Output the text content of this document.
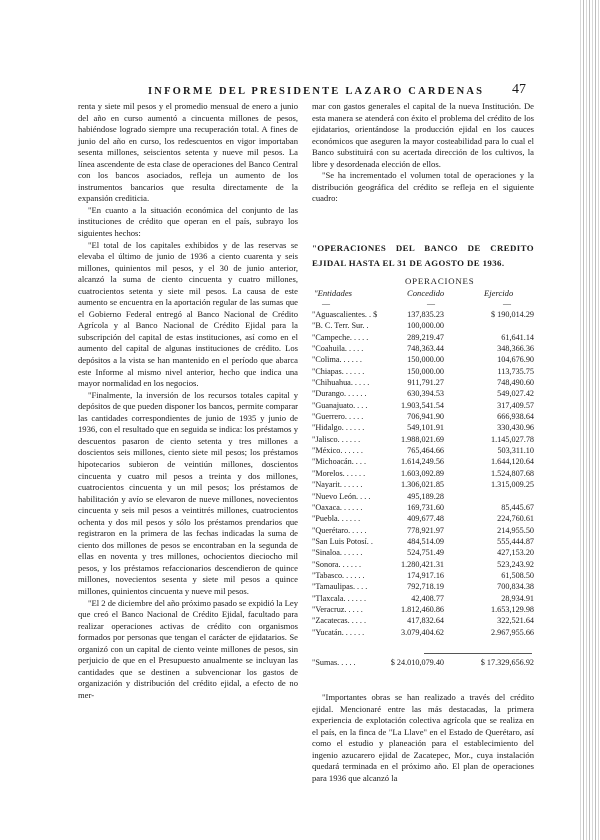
INFORME DEL PRESIDENTE LAZARO CARDENAS	47

renta y siete mil pesos y el promedio mensual de enero a junio del año en curso aumentó a cincuenta millones de pesos, habiéndose logrado siempre una recuperación total. A fines de junio del año en curso, los redescuentos en vigor importaban sesenta millones, seiscientos setenta y nueve mil pesos. La línea ascendente de esta clase de operaciones del Banco Central con los bancos asociados, refleja un aumento de los instrumentos bancarios que resulta directamente de la expansión crediticia.

"En cuanto a la situación económica del conjunto de las instituciones de crédito que operan en el país, subrayo los siguientes hechos:

"El total de los capitales exhibidos y de las reservas se elevaba el último de junio de 1936 a ciento cuarenta y seis millones, quinientos mil pesos, y el 30 de junio anterior, alcanzó la suma de ciento cincuenta y cuatro millones, cuatrocientos setenta y siete mil pesos. La causa de este aumento se encuentra en la aportación regular de las sumas que el Gobierno Federal entregó al Banco Nacional de Crédito Agrícola y al Banco Nacional de Crédito Ejidal para la subscripción del capital de estas instituciones, así como en el aumento del capital de algunas instituciones de crédito. Los depósitos a la vista se han mantenido en el período que abarca este Informe al mismo nivel anterior, hecho que indica una mayor normalidad en los negocios.

"Finalmente, la inversión de los recursos totales capital y depósitos de que pueden disponer los bancos, permite comparar las cantidades correspondientes de junio de 1935 y junio de 1936, con el resultado que en seguida se indica: los préstamos y descuentos pasaron de ciento setenta y tres millones a doscientos seis millones, ciento siete mil pesos; los préstamos hipotecarios subieron de veintiún millones, doscientos cincuenta y cuatro mil pesos a treinta y dos millones, cuatrocientos cincuenta y un mil pesos; los préstamos de habilitación y avío se elevaron de nueve millones, novecientos cincuenta y seis mil pesos a veintitrés millones, cuatrocientos ochenta y dos mil pesos y sólo los préstamos prendarios que registraron en la primera de las fechas indicadas la suma de ciento dos millones de pesos se encontraban en la segunda de ellas en noventa y tres millones, ochocientos dieciocho mil pesos, y los préstamos refaccionarios descendieron de quince millones, novecientos sesenta y siete mil pesos a quince millones, quinientos cincuenta y nueve mil pesos.

"El 2 de diciembre del año próximo pasado se expidió la Ley que creó el Banco Nacional de Crédito Ejidal, facultado para realizar operaciones activas de crédito con organismos formados por personas que tengan el carácter de ejidatarios. Se organizó con un capital de ciento veinte millones de pesos, sin perjuicio de que en el Presupuesto anualmente se incluyan las cantidades que se destinen a subvencionar los gastos de organización y distribución del crédito ejidal, a efecto de no mer-

mar con gastos generales el capital de la nueva Institución. De esta manera se atenderá con éxito el problema del crédito de los ejidatarios, orientándose la producción ejidal en los cauces económicos que aseguren la mayor costeabilidad para lo cual el Banco substituirá con su acertada dirección de los cultivos, la libre y desordenada elección de ellos.

"Se ha incrementado el volumen total de operaciones y la distribución geográfica del crédito se refleja en el siguiente cuadro:

"OPERACIONES DEL BANCO DE CREDITO EJIDAL HASTA EL 31 DE AGOSTO DE 1936.
OPERACIONES
"Entidades	Concedido	Ejercido
—	—	—
"Aguascalientes. . $	137,835.23	$ 190,014.29
"B. C. Terr. Sur. .	100,000.00
"Campeche. . . . .	289,219.47	61,641.14
"Coahuila. . . . .	748,363.44	348,366.36
"Colima. . . . . .	150,000.00	104,676.90
"Chiapas. . . . . .	150,000.00	113,735.75
"Chihuahua. . . . .	911,791.27	748,490.60
"Durango. . . . . .	630,394.53	549,027.42
"Guanajuato. . . .	1.903,541.54	317,409.57
"Guerrero. . . . .	706,941.90	666,938.64
"Hidalgo. . . . . .	549,101.91	330,430.96
"Jalisco. . . . . .	1.988,021.69	1.145,027.78
"México. . . . . .	765,464.66	503,311.10
"Michoacán. . . .	1.614,249.56	1.644,120.64
"Morelos. . . . . .	1.603,092.89	1.524,807.68
"Nayarit. . . . . .	1.306,021.85	1.315,009.25
"Nuevo León. . . .	495,189.28
"Oaxaca. . . . . .	169,731.60	85,445.67
"Puebla. . . . . .	409,677.48	224,760.61
"Querétaro. . . . .	778,921.97	214,955.50
"San Luis Potosí. .	484,514.09	555,444.87
"Sinaloa. . . . . .	524,751.49	427,153.20
"Sonora. . . . . .	1.280,421.31	523,243.92
"Tabasco. . . . . .	174,917.16	61,508.50
"Tamaulipas. . . .	792,718.19	700,834.38
"Tlaxcala. . . . . .	42,408.77	28,934.91
"Veracruz. . . . .	1.812,460.86	1.653,129.98
"Zacatecas. . . . .	417,832.64	322,521.64
"Yucatán. . . . . .	3.079,404.62	2.967,955.66
"Sumas. . . . .	$ 24.010,079.40	$ 17.329,656.92

"Importantes obras se han realizado a través del crédito ejidal. Mencionaré entre las más destacadas, la primera experiencia de explotación colectiva agrícola que se realiza en el país, en la finca de "La Llave" en el Estado de Querétaro, así como el estudio y planeación para el establecimiento del ingenio azucarero ejidal de Zacatepec, Mor., cuya instalación quedará terminada en el próximo año. El plan de operaciones para 1936 que alcanzó la
